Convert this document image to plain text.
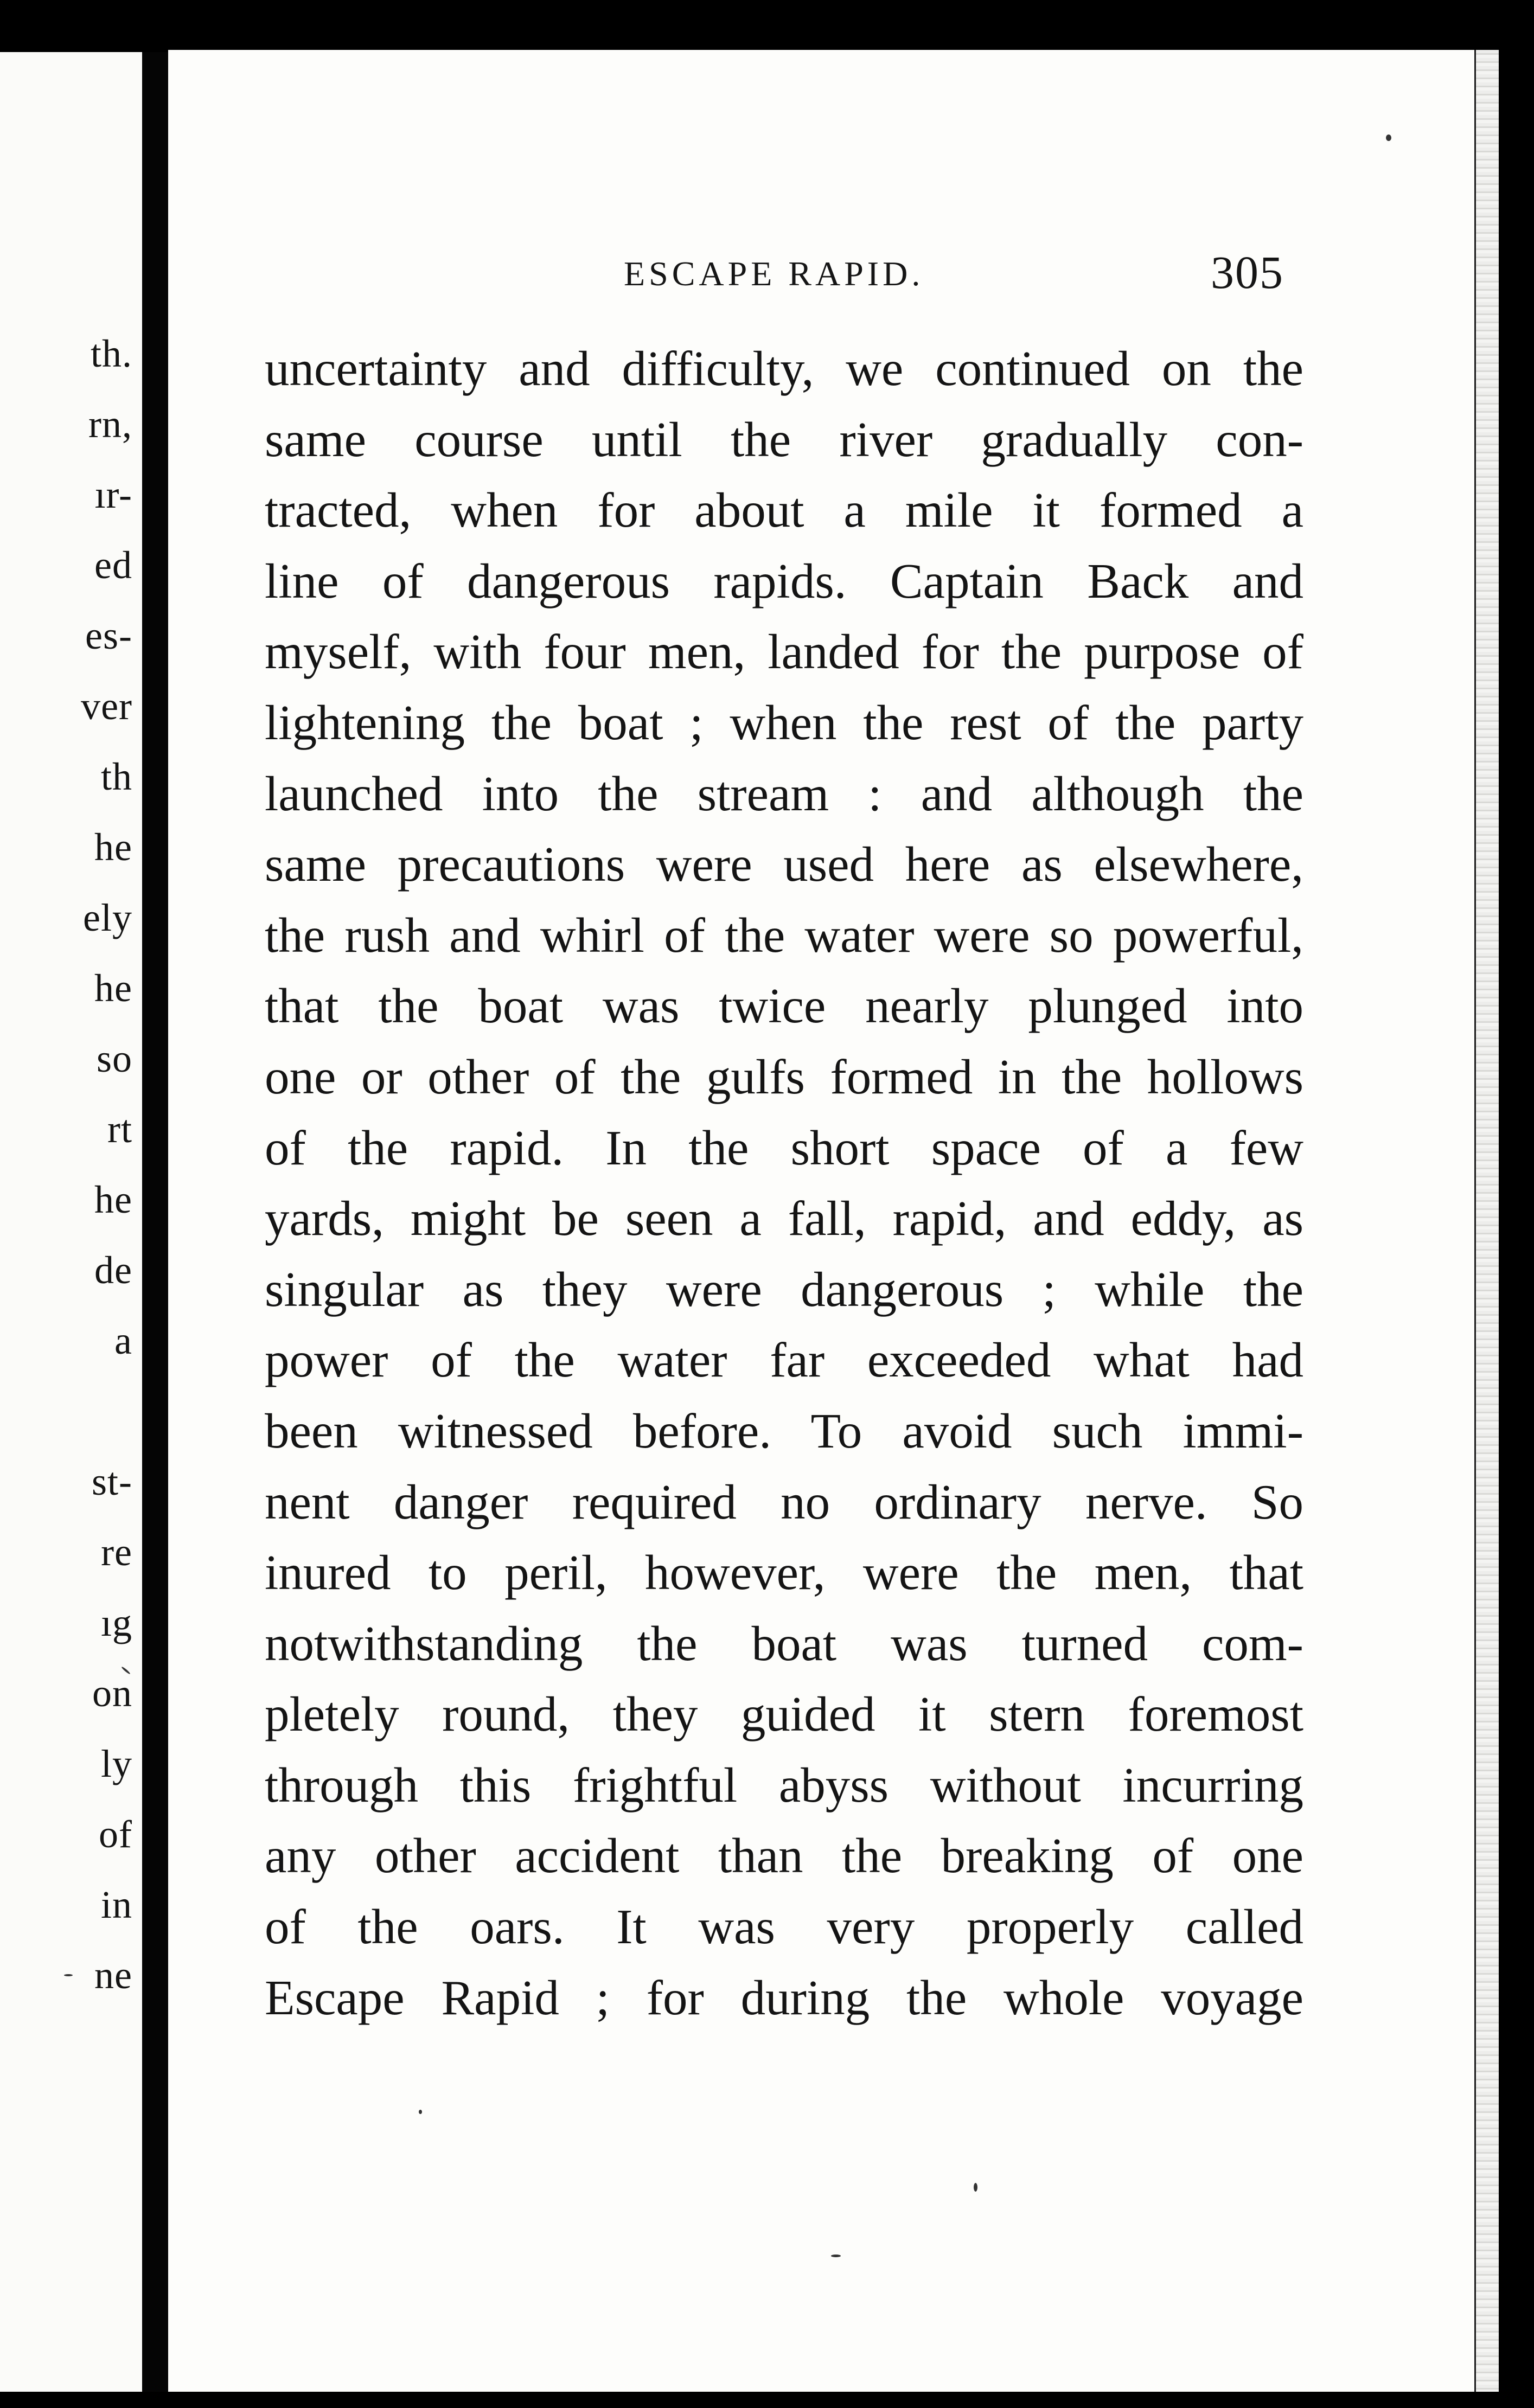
th.
rn,
ır-
ed
es-
ver
th
he
ely
he
so
rt
he
de
a
st-
re
ıg
on
ly
of
in
ne
ESCAPE RAPID.	305
uncertainty and difficulty, we continued on the
same course until the river gradually con-
tracted, when for about a mile it formed a
line of dangerous rapids. Captain Back and
myself, with four men, landed for the purpose of
lightening the boat ; when the rest of the party
launched into the stream : and although the
same precautions were used here as elsewhere,
the rush and whirl of the water were so powerful,
that the boat was twice nearly plunged into
one or other of the gulfs formed in the hollows
of the rapid. In the short space of a few
yards, might be seen a fall, rapid, and eddy, as
singular as they were dangerous ; while the
power of the water far exceeded what had
been witnessed before. To avoid such immi-
nent danger required no ordinary nerve. So
inured to peril, however, were the men, that
notwithstanding the boat was turned com-
pletely round, they guided it stern foremost
through this frightful abyss without incurring
any other accident than the breaking of one
of the oars. It was very properly called
Escape Rapid ; for during the whole voyage
